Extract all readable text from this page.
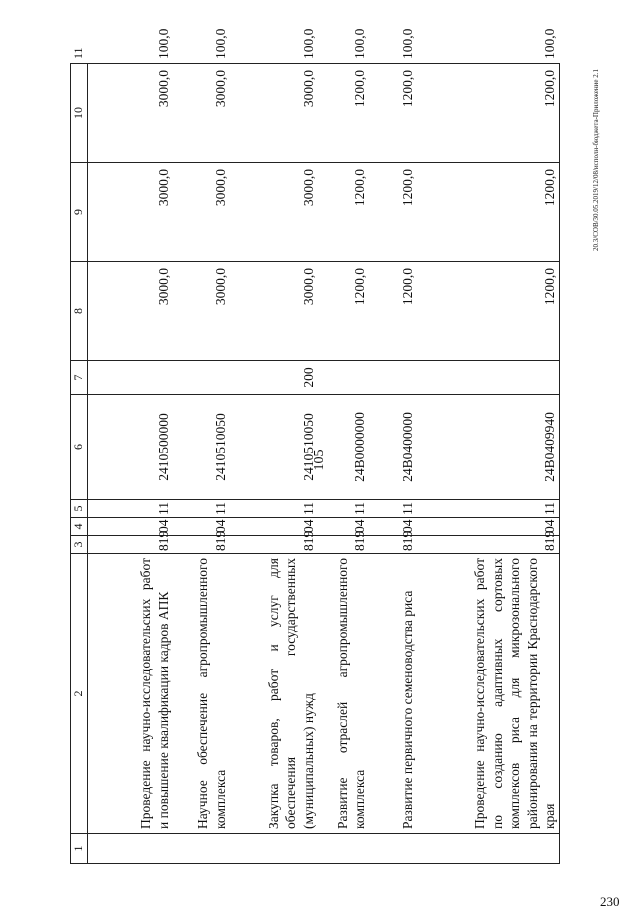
105
20.3/СОВ/30.05.2019/12/08/исполн-бюджета-Приложение 2.1
230
1	2	3	4	5	6	7	8	9	10	11
	Проведение научно-исследовательских работ и повышение квалификации кадров АПК	819	04	11	2410500000		3000,0	3000,0	3000,0	100,0
	Научное обеспечение агропромышленного комплекса	819	04	11	2410510050		3000,0	3000,0	3000,0	100,0
	Закупка товаров, работ и услуг для обеспечения государственных (муниципальных) нужд	819	04	11	2410510050	200	3000,0	3000,0	3000,0	100,0
	Развитие отраслей агропромышленного комплекса	819	04	11	24В0000000		1200,0	1200,0	1200,0	100,0
	Развитие первичного семеноводства риса	819	04	11	24В0400000		1200,0	1200,0	1200,0	100,0
	Проведение научно-исследовательских работ по созданию адаптивных сортовых комплексов риса для микрозонального районирования на территории Краснодарского края	819	04	11	24В0409940		1200,0	1200,0	1200,0	100,0
